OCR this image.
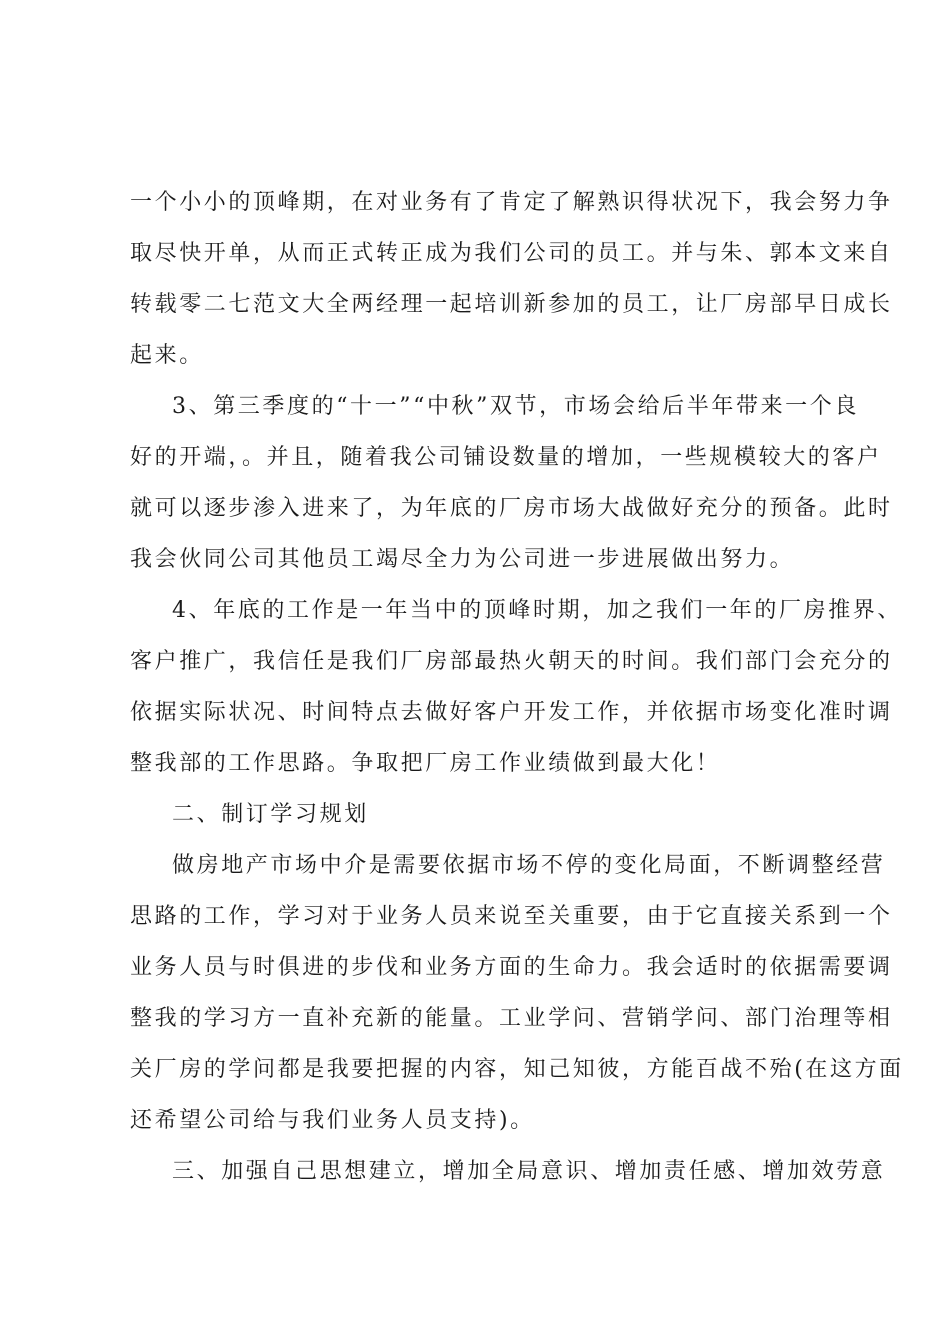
一个小小的顶峰期，在对业务有了肯定了解熟识得状况下，我会努力争
取尽快开单，从而正式转正成为我们公司的员工。并与朱、郭本文来自
转载零二七范文大全两经理一起培训新参加的员工，让厂房部早日成长
起来。
3、第三季度的“十一”“中秋”双节，市场会给后半年带来一个良
好的开端，。并且，随着我公司铺设数量的增加，一些规模较大的客户
就可以逐步渗入进来了，为年底的厂房市场大战做好充分的预备。此时
我会伙同公司其他员工竭尽全力为公司进一步进展做出努力。
4、年底的工作是一年当中的顶峰时期，加之我们一年的厂房推界、
客户推广，我信任是我们厂房部最热火朝天的时间。我们部门会充分的
依据实际状况、时间特点去做好客户开发工作，并依据市场变化准时调
整我部的工作思路。争取把厂房工作业绩做到最大化！
二、制订学习规划
做房地产市场中介是需要依据市场不停的变化局面，不断调整经营
思路的工作，学习对于业务人员来说至关重要，由于它直接关系到一个
业务人员与时俱进的步伐和业务方面的生命力。我会适时的依据需要调
整我的学习方一直补充新的能量。工业学问、营销学问、部门治理等相
关厂房的学问都是我要把握的内容，知己知彼，方能百战不殆(在这方面
还希望公司给与我们业务人员支持)。
三、加强自己思想建立，增加全局意识、增加责任感、增加效劳意
